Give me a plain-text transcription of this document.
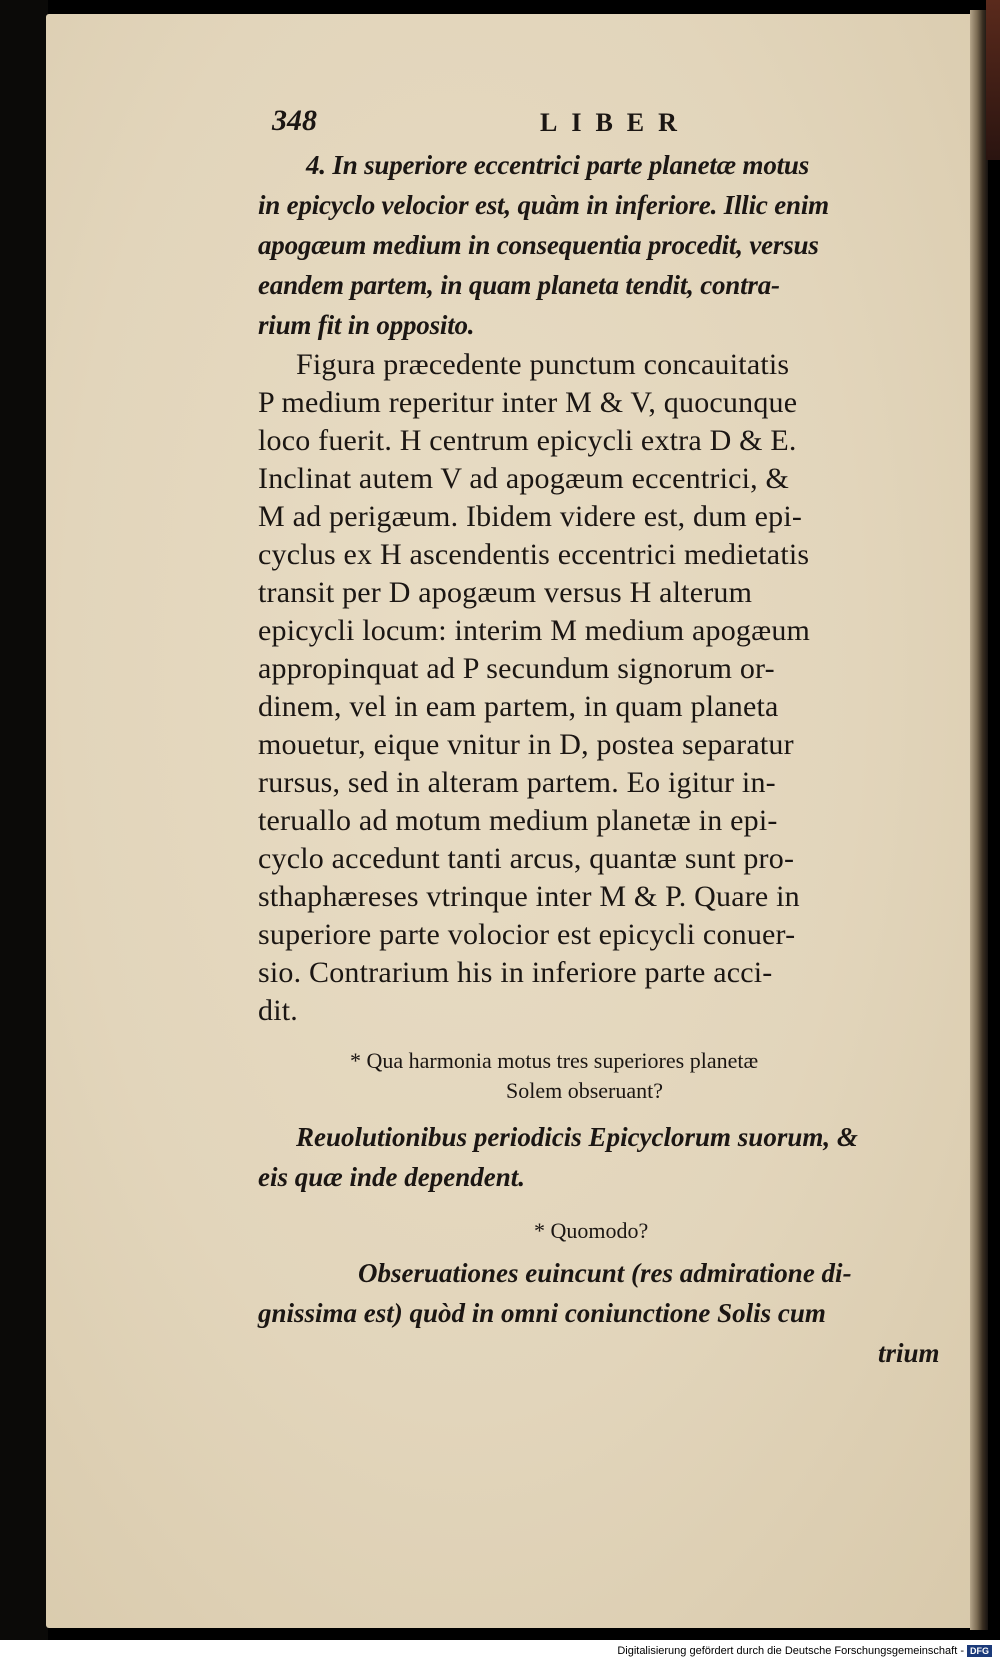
348	LIBER
4. In superiore eccentrici parte planetæ motus
in epicyclo velocior est, quàm in inferiore. Illic enim
apogæum medium in consequentia procedit, versus
eandem partem, in quam planeta tendit, contra-
rium fit in opposito.
Figura præcedente punctum concauitatis
P medium reperitur inter M & V, quocunque
loco fuerit. H centrum epicycli extra D & E.
Inclinat autem V ad apogæum eccentrici, &
M ad perigæum. Ibidem videre est, dum epi-
cyclus ex H ascendentis eccentrici medietatis
transit per D apogæum versus H alterum
epicycli locum: interim M medium apogæum
appropinquat ad P secundum signorum or-
dinem, vel in eam partem, in quam planeta
mouetur, eique vnitur in D, postea separatur
rursus, sed in alteram partem. Eo igitur in-
teruallo ad motum medium planetæ in epi-
cyclo accedunt tanti arcus, quantæ sunt pro-
sthaphæreses vtrinque inter M & P. Quare in
superiore parte volocior est epicycli conuer-
sio. Contrarium his in inferiore parte acci-
dit.
* Qua harmonia motus tres superiores planetæ
Solem obseruant?
Reuolutionibus periodicis Epicyclorum suorum, &
eis quæ inde dependent.
* Quomodo?
Obseruationes euincunt (res admiratione di-
gnissima est) quòd in omni coniunctione Solis cum
trium
Digitalisierung gefördert durch die Deutsche Forschungsgemeinschaft - DFG
